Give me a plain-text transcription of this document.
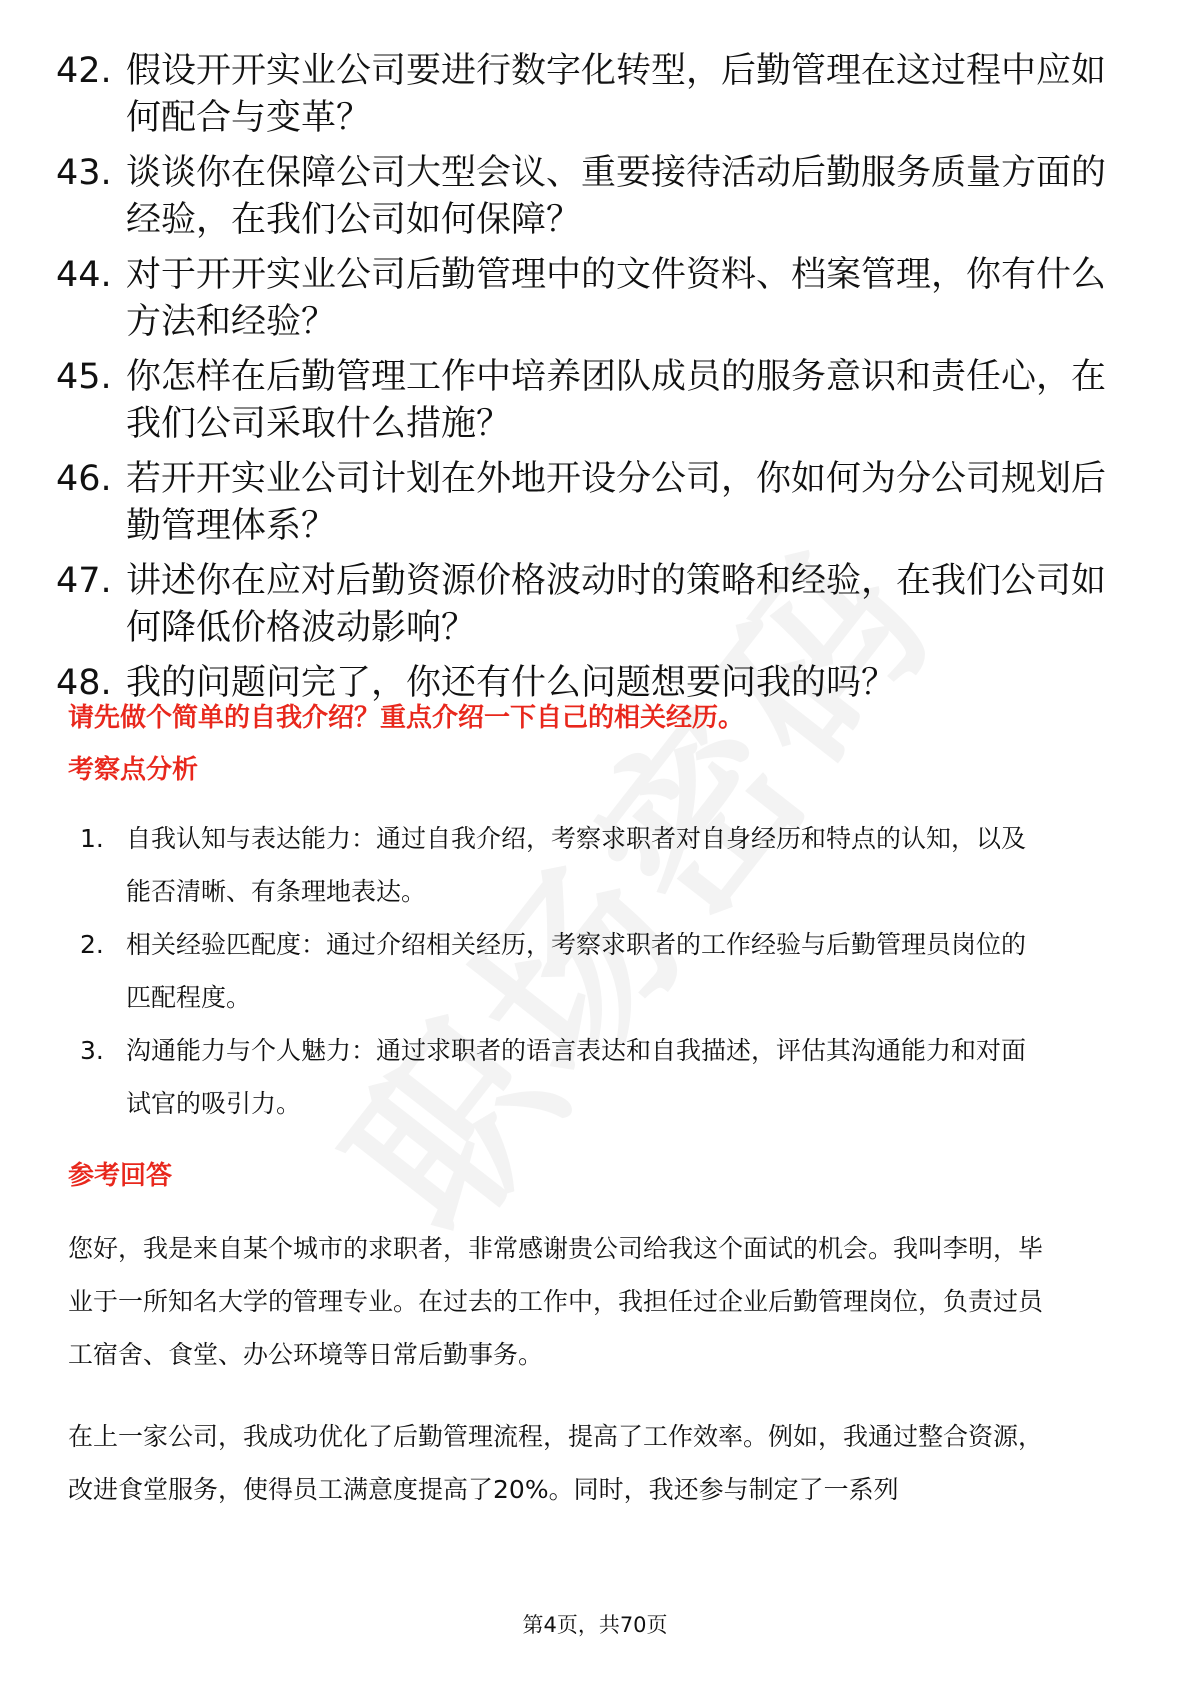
42. 假设开开实业公司要进行数字化转型，后勤管理在这过程中应如何配合与变革？
43. 谈谈你在保障公司大型会议、重要接待活动后勤服务质量方面的经验，在我们公司如何保障？
44. 对于开开实业公司后勤管理中的文件资料、档案管理，你有什么方法和经验？
45. 你怎样在后勤管理工作中培养团队成员的服务意识和责任心，在我们公司采取什么措施？
46. 若开开实业公司计划在外地开设分公司，你如何为分公司规划后勤管理体系？
47. 讲述你在应对后勤资源价格波动时的策略和经验，在我们公司如何降低价格波动影响？
48. 我的问题问完了，你还有什么问题想要问我的吗？
请先做个简单的自我介绍？重点介绍一下自己的相关经历。
考察点分析
1. 自我认知与表达能力：通过自我介绍，考察求职者对自身经历和特点的认知，以及能否清晰、有条理地表达。
2. 相关经验匹配度：通过介绍相关经历，考察求职者的工作经验与后勤管理员岗位的匹配程度。
3. 沟通能力与个人魅力：通过求职者的语言表达和自我描述，评估其沟通能力和对面试官的吸引力。
参考回答
您好，我是来自某个城市的求职者，非常感谢贵公司给我这个面试的机会。我叫李明，毕业于一所知名大学的管理专业。在过去的工作中，我担任过企业后勤管理岗位，负责过员工宿舍、食堂、办公环境等日常后勤事务。
在上一家公司，我成功优化了后勤管理流程，提高了工作效率。例如，我通过整合资源，改进食堂服务，使得员工满意度提高了20%。同时，我还参与制定了一系列
第4页，共70页
